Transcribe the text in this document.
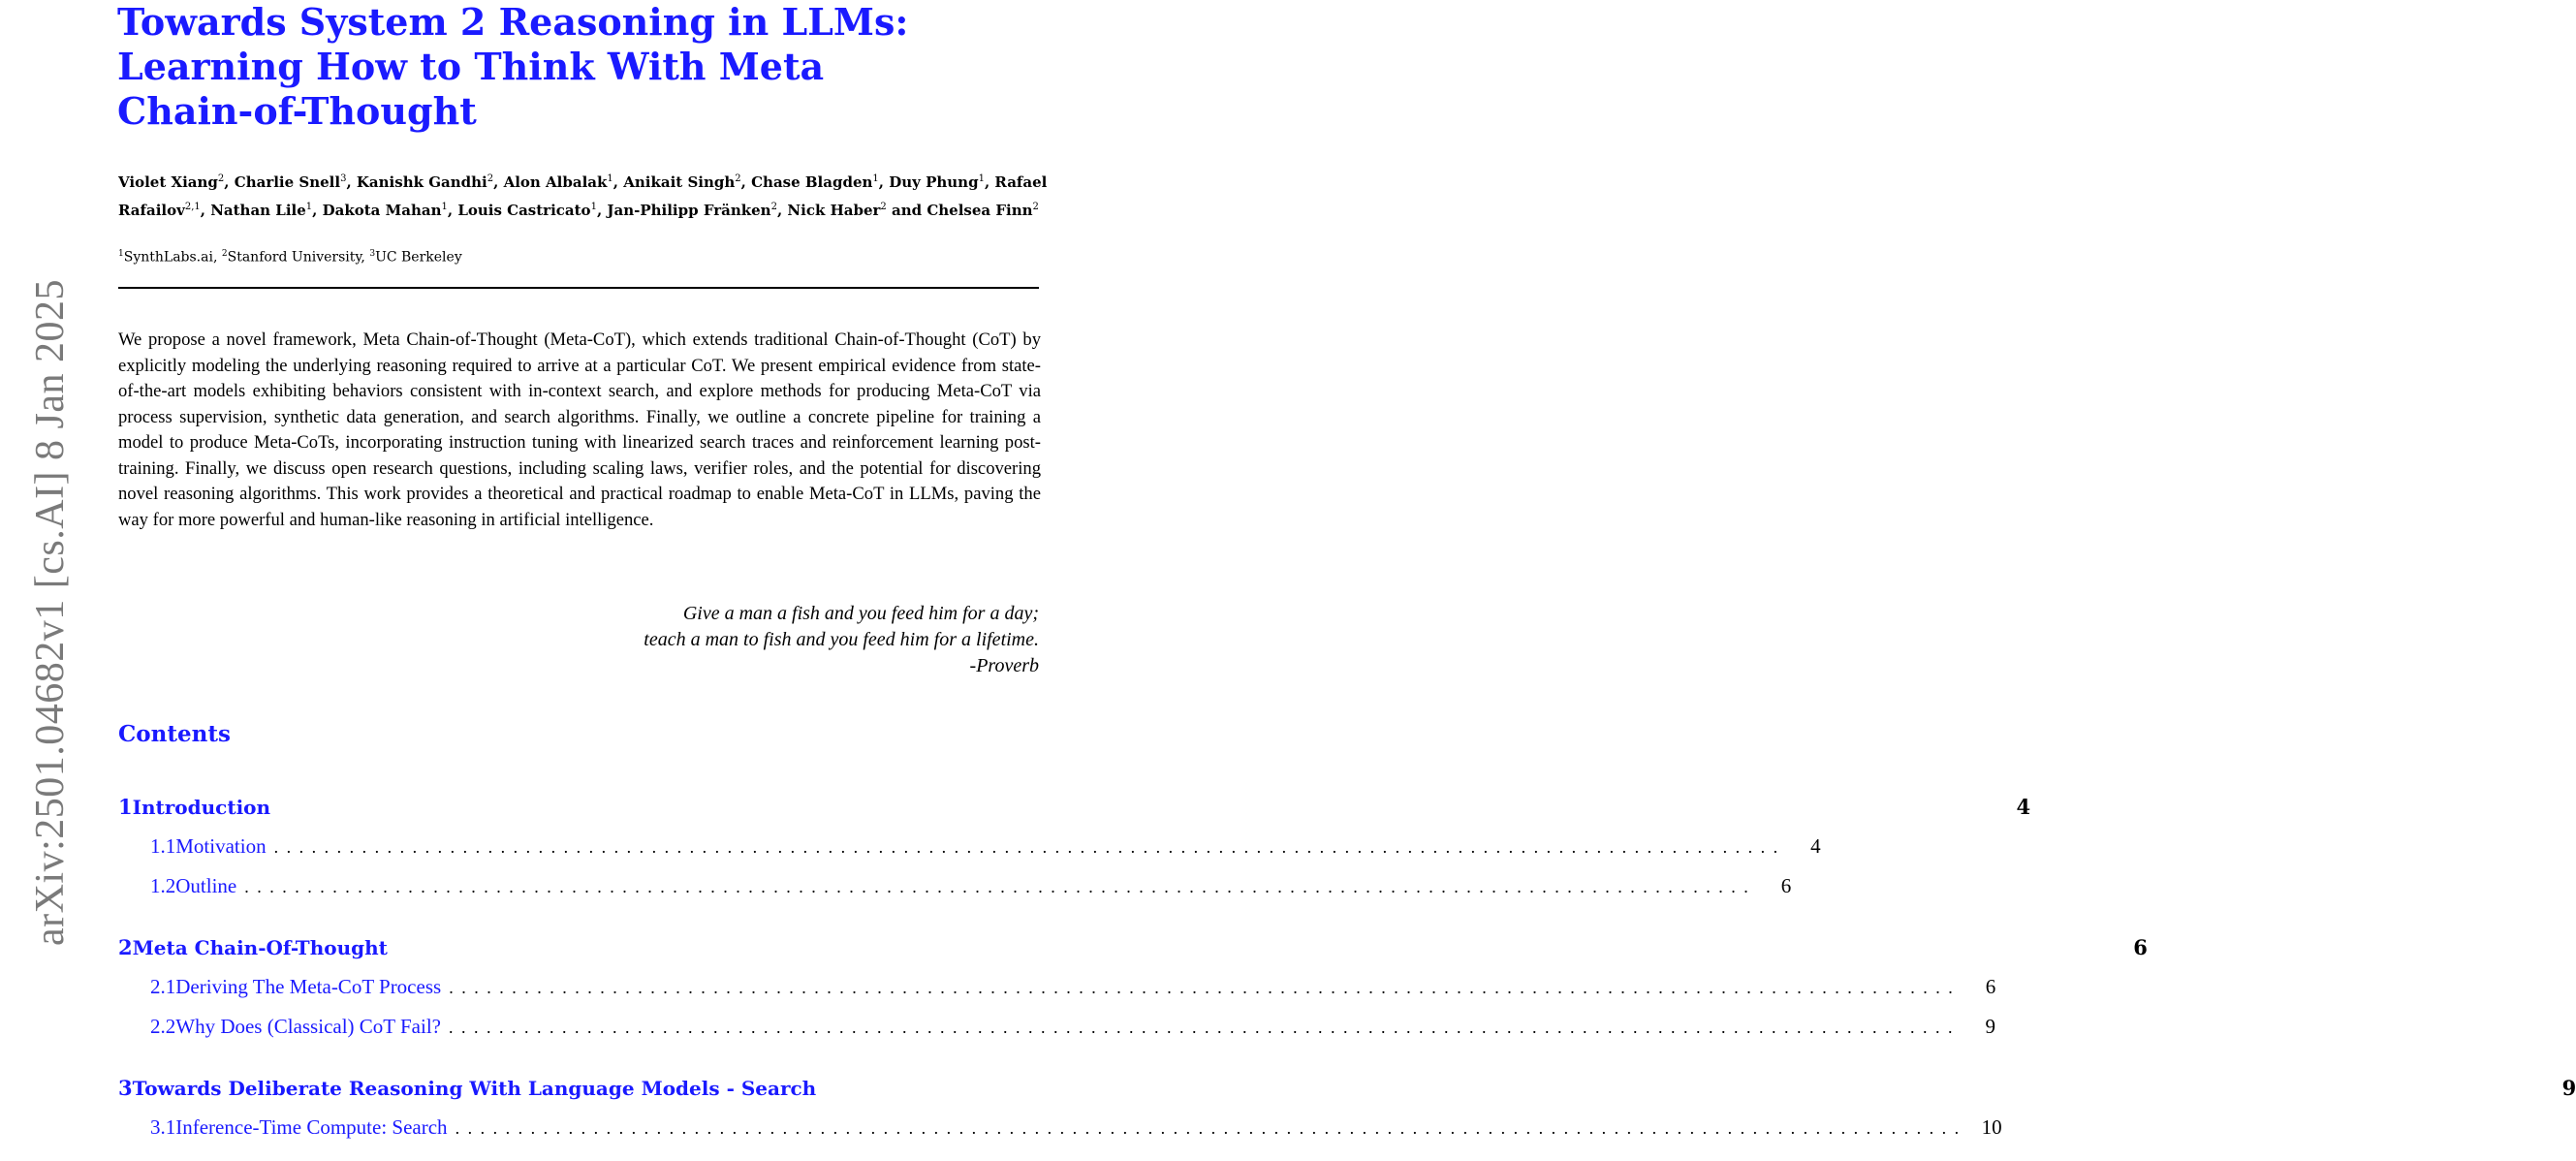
arXiv:2501.04682v1 [cs.AI] 8 Jan 2025
Towards System 2 Reasoning in LLMs:
Learning How to Think With Meta
Chain-of-Thought
Violet Xiang$^2$, Charlie Snell$^3$, Kanishk Gandhi$^2$, Alon Albalak$^1$, Anikait Singh$^2$, Chase Blagden$^1$, Duy Phung$^1$, Rafael Rafailov$^{2,1}$, Nathan Lile$^1$, Dakota Mahan$^1$, Louis Castricato$^1$, Jan-Philipp Fränken$^2$, Nick Haber$^2$ and Chelsea Finn$^2$
$^1$SynthLabs.ai, $^2$Stanford University, $^3$UC Berkeley

We propose a novel framework, Meta Chain-of-Thought (Meta-CoT), which extends traditional Chain-of-Thought (CoT) by explicitly modeling the underlying reasoning required to arrive at a particular CoT. We present empirical evidence from state-of-the-art models exhibiting behaviors consistent with in-context search, and explore methods for producing Meta-CoT via process supervision, synthetic data generation, and search algorithms. Finally, we outline a concrete pipeline for training a model to produce Meta-CoTs, incorporating instruction tuning with linearized search traces and reinforcement learning post-training. Finally, we discuss open research questions, including scaling laws, verifier roles, and the potential for discovering novel reasoning algorithms. This work provides a theoretical and practical roadmap to enable Meta-CoT in LLMs, paving the way for more powerful and human-like reasoning in artificial intelligence.

Give a man a fish and you feed him for a day;
teach a man to fish and you feed him for a lifetime.
-Proverb
Contents
1 Introduction	4
1.1 Motivation ........................................................................................................................	4
1.2 Outline ........................................................................................................................	6
2 Meta Chain-Of-Thought	6
2.1 Deriving The Meta-CoT Process ........................................................................................................................	6
2.2 Why Does (Classical) CoT Fail? ........................................................................................................................	9
3 Towards Deliberate Reasoning With Language Models - Search	9
3.1 Inference-Time Compute: Search ........................................................................................................................ 10
